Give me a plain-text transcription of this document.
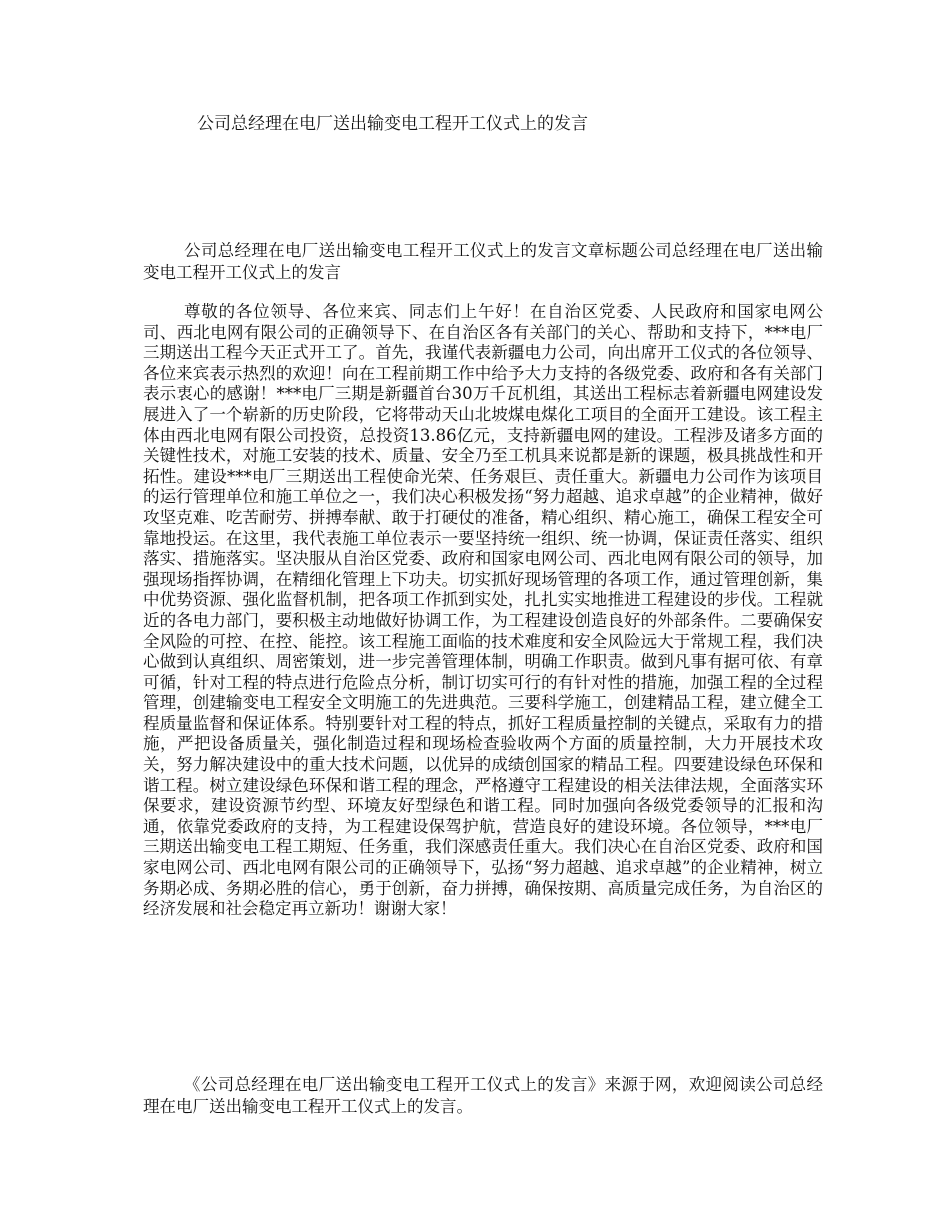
公司总经理在电厂送出输变电工程开工仪式上的发言

公司总经理在电厂送出输变电工程开工仪式上的发言文章标题公司总经理在电厂送出输变电工程开工仪式上的发言

尊敬的各位领导、各位来宾、同志们上午好！在自治区党委、人民政府和国家电网公司、西北电网有限公司的正确领导下、在自治区各有关部门的关心、帮助和支持下，***电厂三期送出工程今天正式开工了。首先，我谨代表新疆电力公司，向出席开工仪式的各位领导、各位来宾表示热烈的欢迎！向在工程前期工作中给予大力支持的各级党委、政府和各有关部门表示衷心的感谢！***电厂三期是新疆首台30万千瓦机组，其送出工程标志着新疆电网建设发展进入了一个崭新的历史阶段，它将带动天山北坡煤电煤化工项目的全面开工建设。该工程主体由西北电网有限公司投资，总投资13.86亿元，支持新疆电网的建设。工程涉及诸多方面的关键性技术，对施工安装的技术、质量、安全乃至工机具来说都是新的课题，极具挑战性和开拓性。建设***电厂三期送出工程使命光荣、任务艰巨、责任重大。新疆电力公司作为该项目的运行管理单位和施工单位之一，我们决心积极发扬“努力超越、追求卓越”的企业精神，做好攻坚克难、吃苦耐劳、拼搏奉献、敢于打硬仗的准备，精心组织、精心施工，确保工程安全可靠地投运。在这里，我代表施工单位表示一要坚持统一组织、统一协调，保证责任落实、组织落实、措施落实。坚决服从自治区党委、政府和国家电网公司、西北电网有限公司的领导，加强现场指挥协调，在精细化管理上下功夫。切实抓好现场管理的各项工作，通过管理创新，集中优势资源、强化监督机制，把各项工作抓到实处，扎扎实实地推进工程建设的步伐。工程就近的各电力部门，要积极主动地做好协调工作，为工程建设创造良好的外部条件。二要确保安全风险的可控、在控、能控。该工程施工面临的技术难度和安全风险远大于常规工程，我们决心做到认真组织、周密策划，进一步完善管理体制，明确工作职责。做到凡事有据可依、有章可循，针对工程的特点进行危险点分析，制订切实可行的有针对性的措施，加强工程的全过程管理，创建输变电工程安全文明施工的先进典范。三要科学施工，创建精品工程，建立健全工程质量监督和保证体系。特别要针对工程的特点，抓好工程质量控制的关键点，采取有力的措施，严把设备质量关，强化制造过程和现场检查验收两个方面的质量控制，大力开展技术攻关，努力解决建设中的重大技术问题，以优异的成绩创国家的精品工程。四要建设绿色环保和谐工程。树立建设绿色环保和谐工程的理念，严格遵守工程建设的相关法律法规，全面落实环保要求，建设资源节约型、环境友好型绿色和谐工程。同时加强向各级党委领导的汇报和沟通，依靠党委政府的支持，为工程建设保驾护航，营造良好的建设环境。各位领导，***电厂三期送出输变电工程工期短、任务重，我们深感责任重大。我们决心在自治区党委、政府和国家电网公司、西北电网有限公司的正确领导下，弘扬“努力超越、追求卓越”的企业精神，树立务期必成、务期必胜的信心，勇于创新，奋力拼搏，确保按期、高质量完成任务，为自治区的经济发展和社会稳定再立新功！谢谢大家！

《公司总经理在电厂送出输变电工程开工仪式上的发言》来源于网，欢迎阅读公司总经理在电厂送出输变电工程开工仪式上的发言。
